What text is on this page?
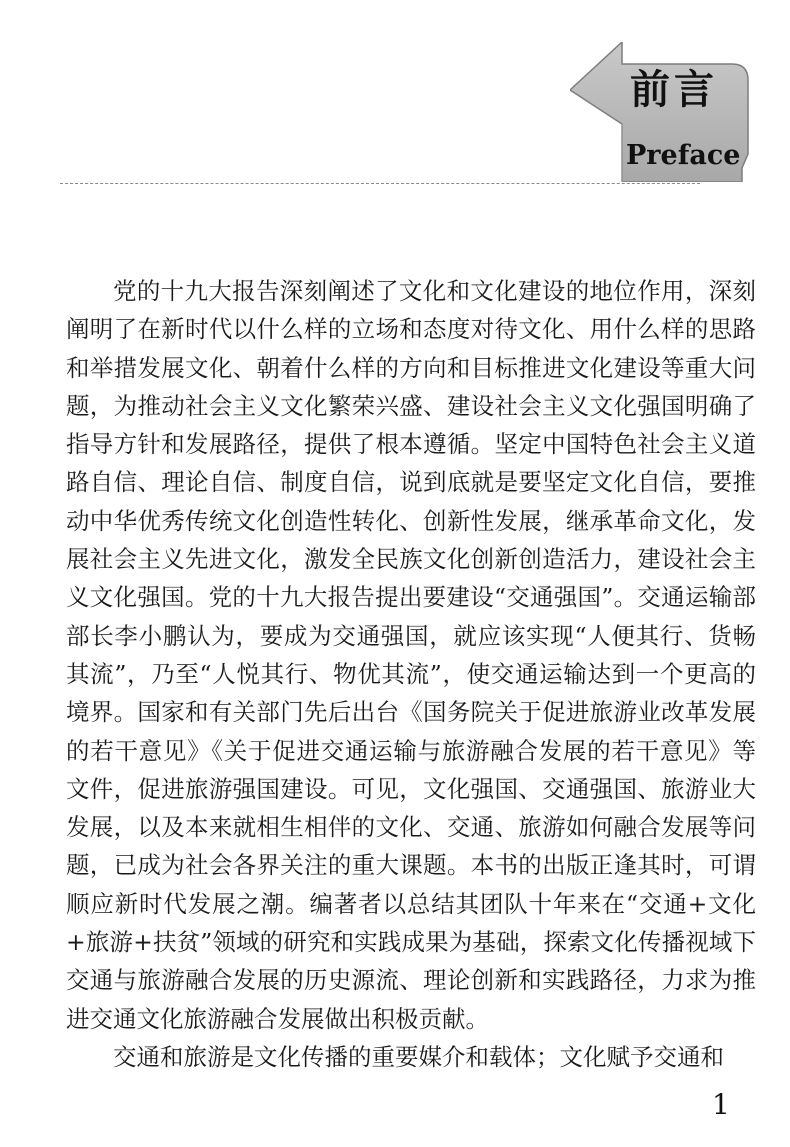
前言
Preface

党的十九大报告深刻阐述了文化和文化建设的地位作用，深刻阐明了在新时代以什么样的立场和态度对待文化、用什么样的思路和举措发展文化、朝着什么样的方向和目标推进文化建设等重大问题，为推动社会主义文化繁荣兴盛、建设社会主义文化强国明确了指导方针和发展路径，提供了根本遵循。坚定中国特色社会主义道路自信、理论自信、制度自信，说到底就是要坚定文化自信，要推动中华优秀传统文化创造性转化、创新性发展，继承革命文化，发展社会主义先进文化，激发全民族文化创新创造活力，建设社会主义文化强国。党的十九大报告提出要建设“交通强国”。交通运输部部长李小鹏认为，要成为交通强国，就应该实现“人便其行、货畅其流”，乃至“人悦其行、物优其流”，使交通运输达到一个更高的境界。国家和有关部门先后出台《国务院关于促进旅游业改革发展的若干意见》《关于促进交通运输与旅游融合发展的若干意见》等文件，促进旅游强国建设。可见，文化强国、交通强国、旅游业大发展，以及本来就相生相伴的文化、交通、旅游如何融合发展等问题，已成为社会各界关注的重大课题。本书的出版正逢其时，可谓顺应新时代发展之潮。编著者以总结其团队十年来在“交通+文化+旅游+扶贫”领域的研究和实践成果为基础，探索文化传播视域下交通与旅游融合发展的历史源流、理论创新和实践路径，力求为推进交通文化旅游融合发展做出积极贡献。

交通和旅游是文化传播的重要媒介和载体；文化赋予交通和

1
